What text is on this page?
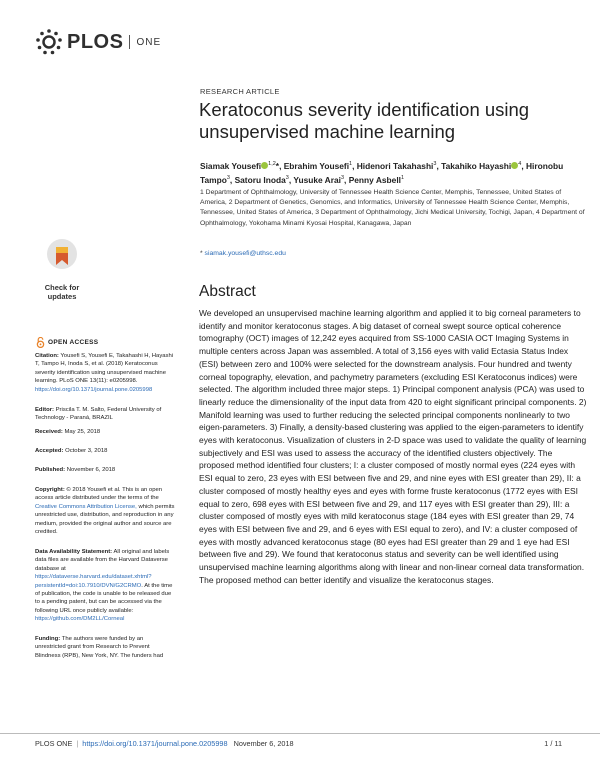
PLOS ONE
RESEARCH ARTICLE
Keratoconus severity identification using unsupervised machine learning
Siamak Yousefi $^{1,2}$*, Ebrahim Yousefi$^1$, Hidenori Takahashi$^3$, Takahiko Hayashi $^4$, Hironobu Tampo$^3$, Satoru Inoda$^3$, Yusuke Arai$^3$, Penny Asbell$^1$
1 Department of Ophthalmology, University of Tennessee Health Science Center, Memphis, Tennessee, United States of America, 2 Department of Genetics, Genomics, and Informatics, University of Tennessee Health Science Center, Memphis, Tennessee, United States of America, 3 Department of Ophthalmology, Jichi Medical University, Tochigi, Japan, 4 Department of Ophthalmology, Yokohama Minami Kyosai Hospital, Kanagawa, Japan
* siamak.yousefi@uthsc.edu
Abstract

We developed an unsupervised machine learning algorithm and applied it to big corneal parameters to identify and monitor keratoconus stages. A big dataset of corneal swept source optical coherence tomography (OCT) images of 12,242 eyes acquired from SS-1000 CASIA OCT Imaging Systems in multiple centers across Japan was assembled. A total of 3,156 eyes with valid Ectasia Status Index (ESI) between zero and 100% were selected for the downstream analysis. Four hundred and twenty corneal topography, elevation, and pachymetry parameters (excluding ESI Keratoconus indices) were selected. The algorithm included three major steps. 1) Principal component analysis (PCA) was used to linearly reduce the dimensionality of the input data from 420 to eight significant principal components. 2) Manifold learning was used to further reducing the selected principal components nonlinearly to two eigen-parameters. 3) Finally, a density-based clustering was applied to the eigen-parameters to identify eyes with keratoconus. Visualization of clusters in 2-D space was used to validate the quality of learning subjectively and ESI was used to assess the accuracy of the identified clusters objectively. The proposed method identified four clusters; I: a cluster composed of mostly normal eyes (224 eyes with ESI equal to zero, 23 eyes with ESI between five and 29, and nine eyes with ESI greater than 29), II: a cluster composed of mostly healthy eyes and eyes with forme fruste keratoconus (1772 eyes with ESI equal to zero, 698 eyes with ESI between five and 29, and 117 eyes with ESI greater than 29), III: a cluster composed of mostly eyes with mild keratoconus stage (184 eyes with ESI greater than 29, 74 eyes with ESI between five and 29, and 6 eyes with ESI equal to zero), and IV: a cluster composed of eyes with mostly advanced keratoconus stage (80 eyes had ESI greater than 29 and 1 eye had ESI between five and 29). We found that keratoconus status and severity can be well identified using unsupervised machine learning algorithms along with linear and non-linear corneal data transformation. The proposed method can better identify and visualize the keratoconus stages.

Check for
updates
OPEN ACCESS
Citation: Yousefi S, Yousefi E, Takahashi H, Hayashi T, Tampo H, Inoda S, et al. (2018) Keratoconus severity identification using unsupervised machine learning. PLoS ONE 13(11): e0205998. https://doi.org/10.1371/journal.pone.0205998
Editor: Priscila T. M. Salto, Federal University of Technology - Paraná, BRAZIL
Received: May 25, 2018
Accepted: October 3, 2018
Published: November 6, 2018
Copyright: © 2018 Yousefi et al. This is an open access article distributed under the terms of the Creative Commons Attribution License, which permits unrestricted use, distribution, and reproduction in any medium, provided the original author and source are credited.
Data Availability Statement: All original and labels data files are available from the Harvard Dataverse database at https://dataverse.harvard.edu/dataset.xhtml?persistentId=doi:10.7910/DVN/G2CRMO. At the time of publication, the code is unable to be released due to a pending patent, but can be accessed via the following URL once publicly available: https://github.com/DM2LL/Corneal
Funding: The authors were funded by an unrestricted grant from Research to Prevent Blindness (RPB), New York, NY. The funders had
PLOS ONE | https://doi.org/10.1371/journal.pone.0205998 November 6, 2018	1 / 11
